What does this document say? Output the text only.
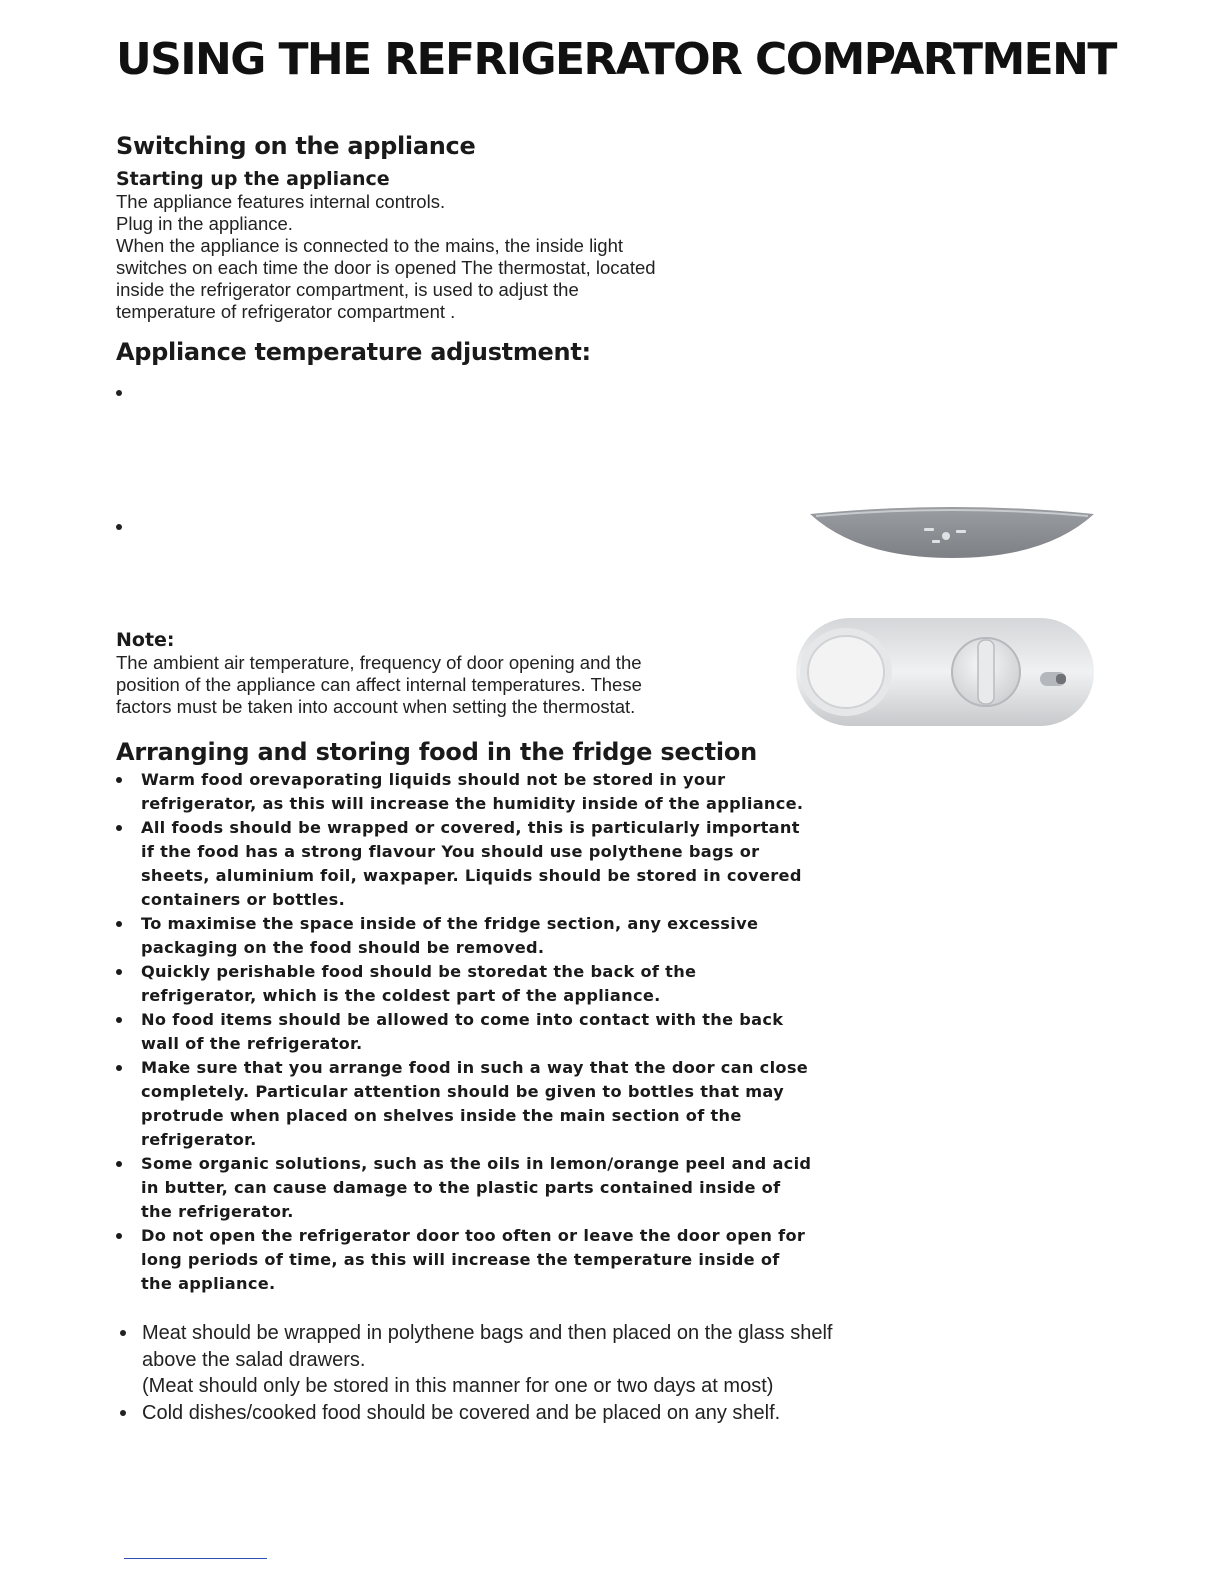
USING THE REFRIGERATOR COMPARTMENT
Switching on the appliance
Starting up the appliance
The appliance features internal controls.
Plug in the appliance.
When the appliance is connected to the mains, the inside light
switches on each time the door is opened The thermostat, located
inside the refrigerator compartment, is used to adjust the
temperature of refrigerator compartment .
Appliance temperature adjustment:
Note:
The ambient air temperature, frequency of door opening and the
position of the appliance can affect internal temperatures. These
factors must be taken into account when setting the thermostat.
Arranging and storing food in the fridge section
Warm food orevaporating liquids should not be stored in your refrigerator, as this will increase the humidity inside of the appliance.
All foods should be wrapped or covered, this is particularly important if the food has a strong flavour You should use polythene bags or sheets, aluminium foil, waxpaper. Liquids should be stored in covered containers or bottles.
To maximise the space inside of the fridge section, any excessive packaging on the food should be removed.
Quickly perishable food should be storedat the back of the refrigerator, which is the coldest part of the appliance.
No food items should be allowed to come into contact with the back wall of the refrigerator.
Make sure that you arrange food in such a way that the door can close completely. Particular attention should be given to bottles that may protrude when placed on shelves inside the main section of the refrigerator.
Some organic solutions, such as the oils in lemon/orange peel and acid in butter, can cause damage to the plastic parts contained inside of the refrigerator.
Do not open the refrigerator door too often or leave the door open for long periods of time, as this will increase the temperature inside of the appliance.
Meat should be wrapped in polythene bags and then placed on the glass shelf above the salad drawers.
(Meat should only be stored in this manner for one or two days at most)
Cold dishes/cooked food should be covered and be placed on any shelf.
